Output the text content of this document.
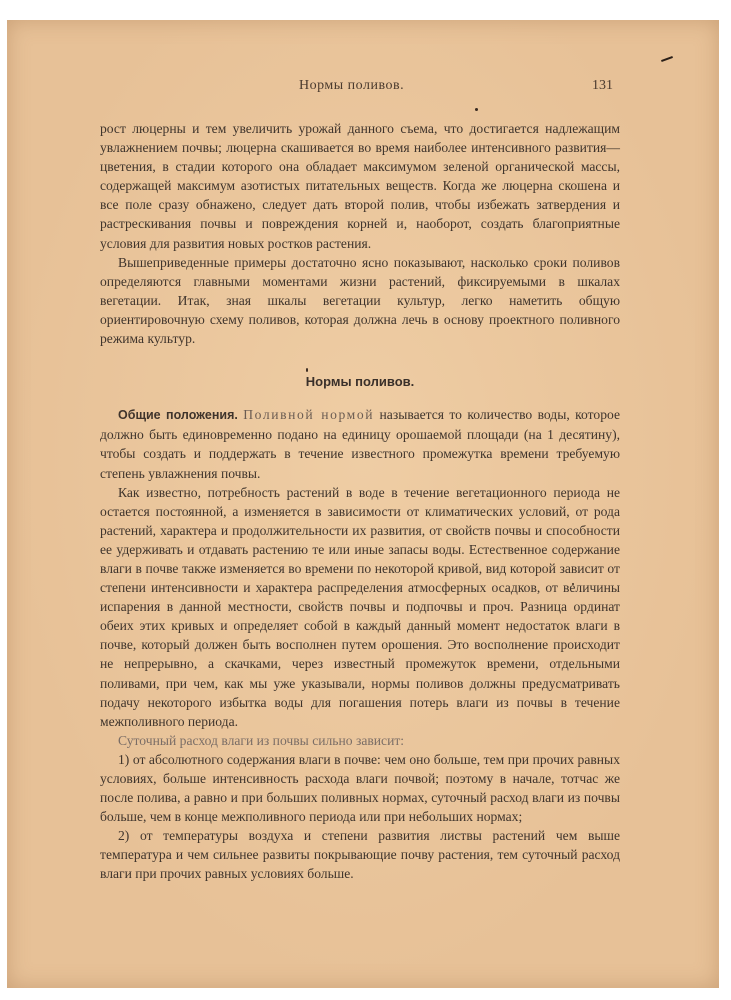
Нормы поливов.	131

рост люцерны и тем увеличить урожай данного съема, что достигается надлежащим увлажнением почвы; люцерна скашивается во время наиболее интенсивного развития—цветения, в стадии которого она обладает максимумом зеленой органической массы, содержащей максимум азотистых питательных веществ. Когда же люцерна скошена и все поле сразу обнажено, следует дать второй полив, чтобы избежать затвердения и растрескивания почвы и повреждения корней и, наоборот, создать благоприятные условия для развития новых ростков растения.

Вышеприведенные примеры достаточно ясно показывают, насколько сроки поливов определяются главными моментами жизни растений, фиксируемыми в шкалах вегетации. Итак, зная шкалы вегетации культур, легко наметить общую ориентировочную схему поливов, которая должна лечь в основу проектного поливного режима культур.

Нормы поливов.

Общие положения. Поливной нормой называется то количество воды, которое должно быть единовременно подано на единицу орошаемой площади (на 1 десятину), чтобы создать и поддержать в течение известного промежутка времени требуемую степень увлажнения почвы.

Как известно, потребность растений в воде в течение вегетационного периода не остается постоянной, а изменяется в зависимости от климатических условий, от рода растений, характера и продолжительности их развития, от свойств почвы и способности ее удерживать и отдавать растению те или иные запасы воды. Естественное содержание влаги в почве также изменяется во времени по некоторой кривой, вид которой зависит от степени интенсивности и характера распределения атмосферных осадков, от величины испарения в данной местности, свойств почвы и подпочвы и проч. Разница ординат обеих этих кривых и определяет собой в каждый данный момент недостаток влаги в почве, который должен быть восполнен путем орошения. Это восполнение происходит не непрерывно, а скачками, через известный промежуток времени, отдельными поливами, при чем, как мы уже указывали, нормы поливов должны предусматривать подачу некоторого избытка воды для погашения потерь влаги из почвы в течение межполивного периода.

Суточный расход влаги из почвы сильно зависит:

1) от абсолютного содержания влаги в почве: чем оно больше, тем при прочих равных условиях, больше интенсивность расхода влаги почвой; поэтому в начале, тотчас же после полива, а равно и при больших поливных нормах, суточный расход влаги из почвы больше, чем в конце межполивного периода или при небольших нормах;

2) от температуры воздуха и степени развития листвы растений чем выше температура и чем сильнее развиты покрывающие почву растения, тем суточный расход влаги при прочих равных условиях больше.
